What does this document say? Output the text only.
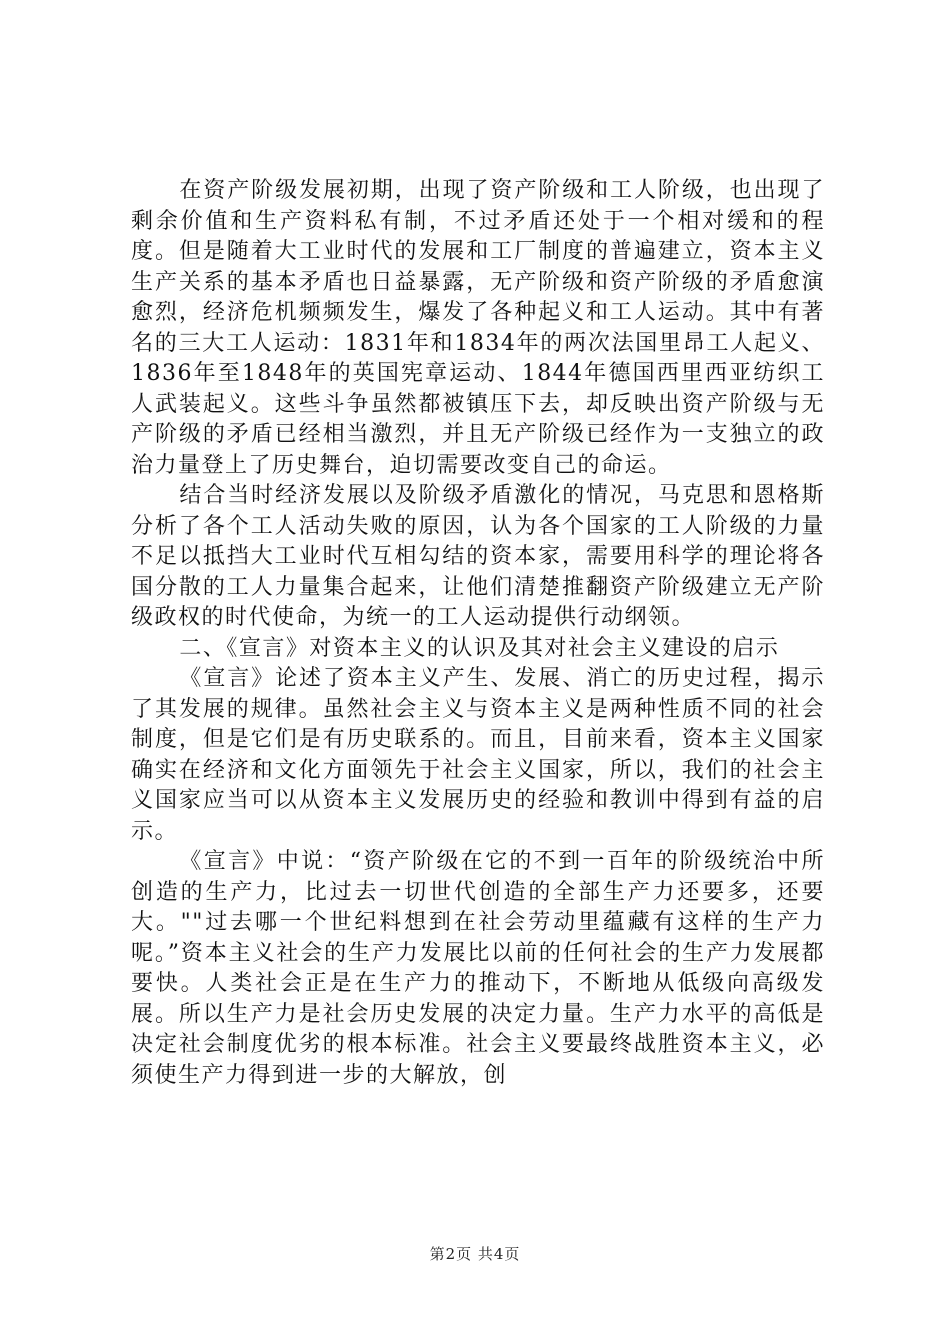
在资产阶级发展初期，出现了资产阶级和工人阶级，也出现了剩余价值和生产资料私有制，不过矛盾还处于一个相对缓和的程度。但是随着大工业时代的发展和工厂制度的普遍建立，资本主义生产关系的基本矛盾也日益暴露，无产阶级和资产阶级的矛盾愈演愈烈，经济危机频频发生，爆发了各种起义和工人运动。其中有著名的三大工人运动：1831年和1834年的两次法国里昂工人起义、1836年至1848年的英国宪章运动、1844年德国西里西亚纺织工人武装起义。这些斗争虽然都被镇压下去，却反映出资产阶级与无产阶级的矛盾已经相当激烈，并且无产阶级已经作为一支独立的政治力量登上了历史舞台，迫切需要改变自己的命运。

结合当时经济发展以及阶级矛盾激化的情况，马克思和恩格斯分析了各个工人活动失败的原因，认为各个国家的工人阶级的力量不足以抵挡大工业时代互相勾结的资本家，需要用科学的理论将各国分散的工人力量集合起来，让他们清楚推翻资产阶级建立无产阶级政权的时代使命，为统一的工人运动提供行动纲领。

二、《宣言》对资本主义的认识及其对社会主义建设的启示

《宣言》论述了资本主义产生、发展、消亡的历史过程，揭示了其发展的规律。虽然社会主义与资本主义是两种性质不同的社会制度，但是它们是有历史联系的。而且，目前来看，资本主义国家确实在经济和文化方面领先于社会主义国家，所以，我们的社会主义国家应当可以从资本主义发展历史的经验和教训中得到有益的启示。

《宣言》中说：“资产阶级在它的不到一百年的阶级统治中所创造的生产力，比过去一切世代创造的全部生产力还要多，还要大。""过去哪一个世纪料想到在社会劳动里蕴藏有这样的生产力呢。”资本主义社会的生产力发展比以前的任何社会的生产力发展都要快。人类社会正是在生产力的推动下，不断地从低级向高级发展。所以生产力是社会历史发展的决定力量。生产力水平的高低是决定社会制度优劣的根本标准。社会主义要最终战胜资本主义，必须使生产力得到进一步的大解放，创

第2页 共4页
